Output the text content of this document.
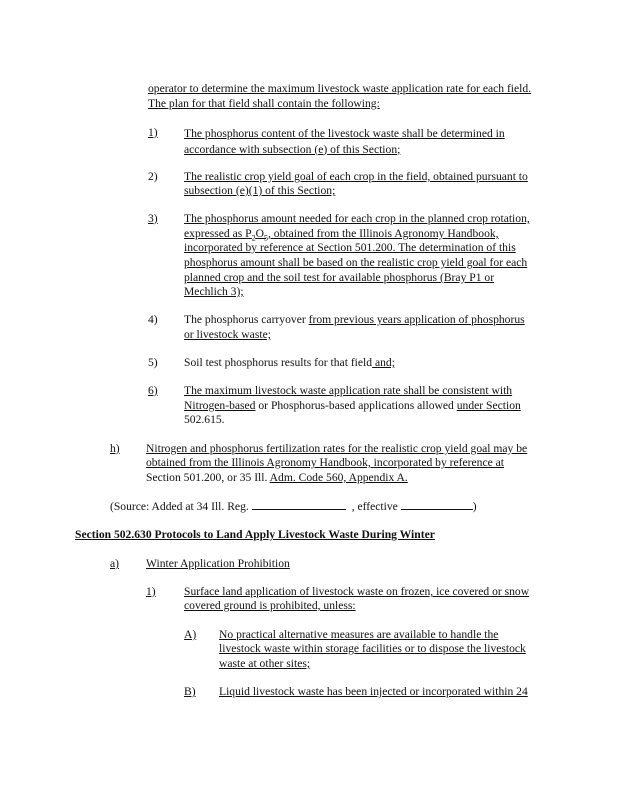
operator to determine the maximum livestock waste application rate for each field.
The plan for that field shall contain the following:
1) The phosphorus content of the livestock waste shall be determined in accordance with subsection (e) of this Section;
2) The realistic crop yield goal of each crop in the field, obtained pursuant to
subsection (e)(1) of this Section;
3) The phosphorus amount needed for each crop in the planned crop rotation,
expressed as $P_2O_5$, obtained from the Illinois Agronomy Handbook,
incorporated by reference at Section 501.200. The determination of this
phosphorus amount shall be based on the realistic crop yield goal for each
planned crop and the soil test for available phosphorus (Bray P1 or
Mechlich 3);
4) The phosphorus carryover from previous years application of phosphorus
or livestock waste;
5) Soil test phosphorus results for that field and;
6) The maximum livestock waste application rate shall be consistent with
Nitrogen-based or Phosphorus-based applications allowed under Section
502.615.
h) Nitrogen and phosphorus fertilization rates for the realistic crop yield goal may be
obtained from the Illinois Agronomy Handbook, incorporated by reference at
Section 501.200, or 35 Ill. Adm. Code 560, Appendix A.
(Source: Added at 34 Ill. Reg.	, effective	)
Section 502.630 Protocols to Land Apply Livestock Waste During Winter
a) Winter Application Prohibition
1) Surface land application of livestock waste on frozen, ice covered or snow
covered ground is prohibited, unless:
A) No practical alternative measures are available to handle the
livestock waste within storage facilities or to dispose the livestock
waste at other sites;
B) Liquid livestock waste has been injected or incorporated within 24
